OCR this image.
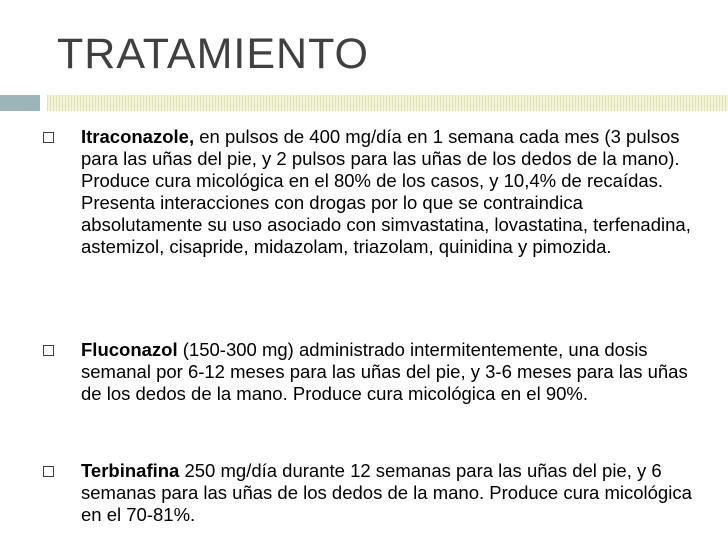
TRATAMIENTO
Itraconazole, en pulsos de 400 mg/día en 1 semana cada mes (3 pulsos para las uñas del pie, y 2 pulsos para las uñas de los dedos de la mano). Produce cura micológica en el 80% de los casos, y 10,4% de recaídas. Presenta interacciones con drogas por lo que se contraindica absolutamente su uso asociado con simvastatina, lovastatina, terfenadina, astemizol, cisapride, midazolam, triazolam, quinidina y pimozida.
Fluconazol (150-300 mg) administrado intermitentemente, una dosis semanal por 6-12 meses para las uñas del pie, y 3-6 meses para las uñas de los dedos de la mano. Produce cura micológica en el 90%.
Terbinafina 250 mg/día durante 12 semanas para las uñas del pie, y 6 semanas para las uñas de los dedos de la mano. Produce cura micológica en el 70-81%.
